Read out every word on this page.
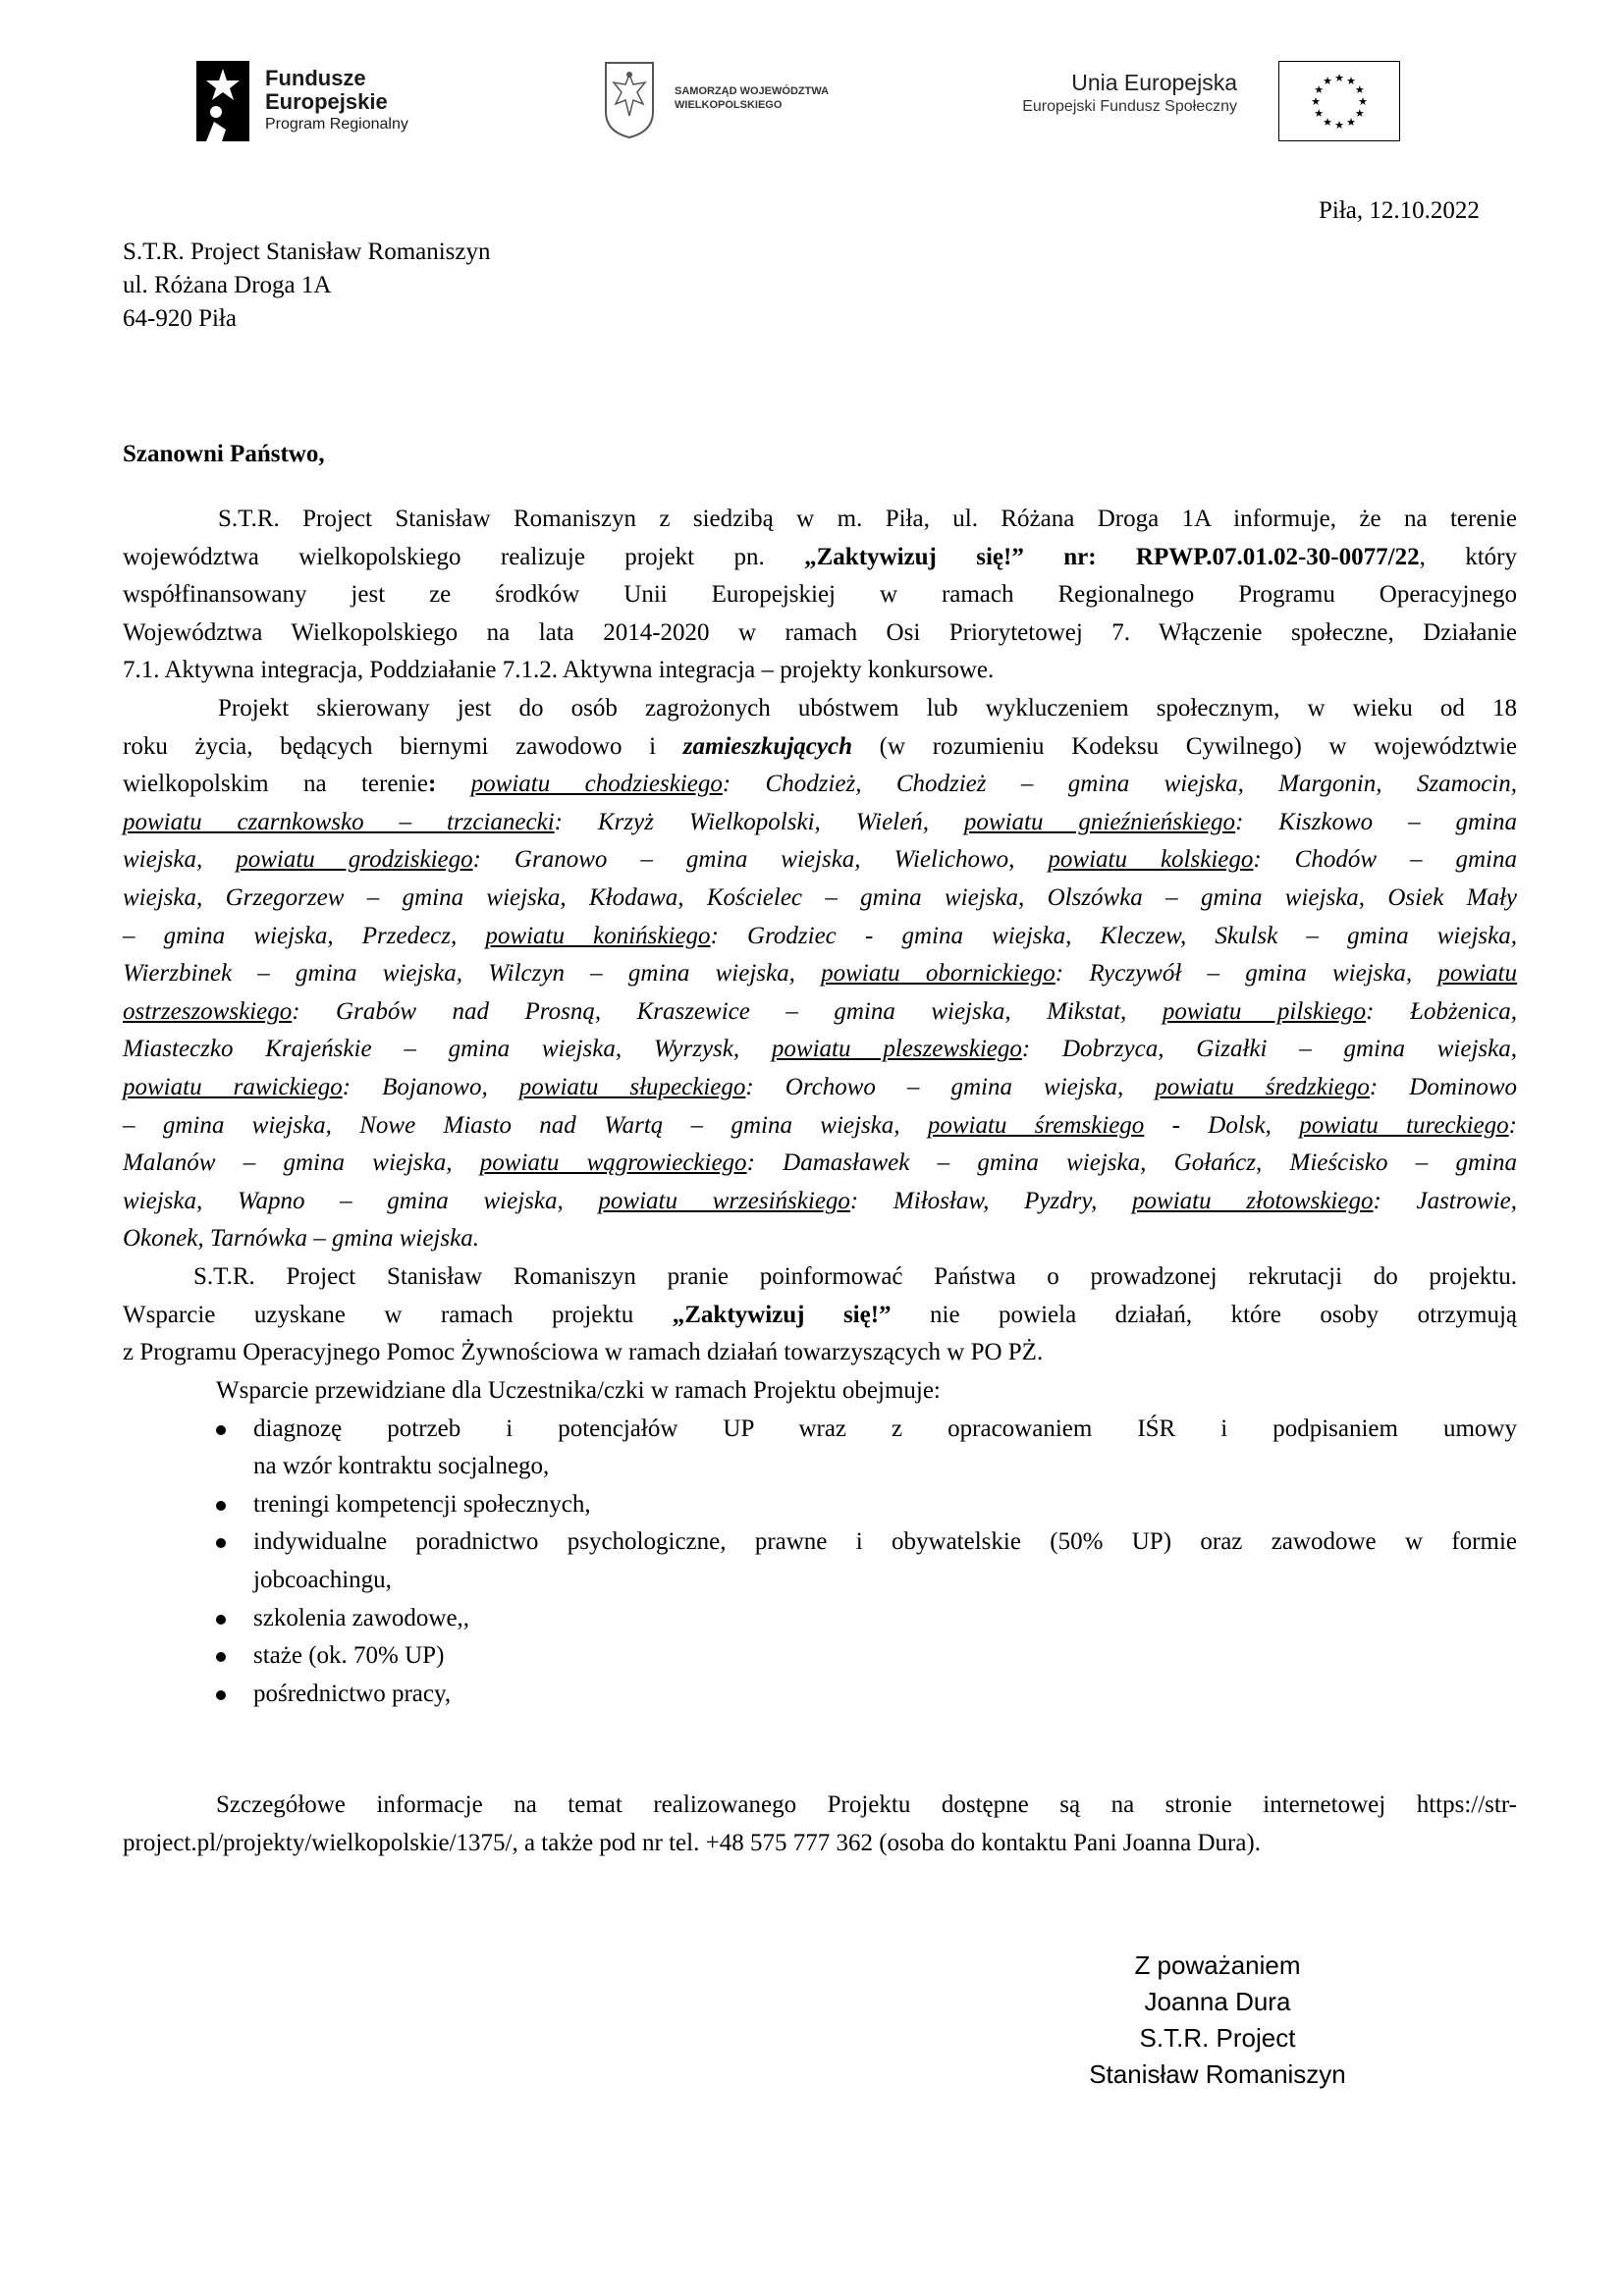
Fundusze
Europejskie
Program Regionalny
SAMORZĄD WOJEWÓDZTWA
WIELKOPOLSKIEGO
Unia Europejska
Europejski Fundusz Społeczny
★ ★
★
★
★
★
★
★
★
★
★
★
Piła, 12.10.2022
S.T.R. Project Stanisław Romaniszyn
ul. Różana Droga 1A
64-920 Piła
Szanowni Państwo,
S.T.R. Project Stanisław Romaniszyn z siedzibą w m. Piła, ul. Różana Droga 1A informuje, że na terenie
województwa wielkopolskiego realizuje projekt pn. „Zaktywizuj się!” nr: RPWP.07.01.02-30-0077/22, który
współfinansowany jest ze środków Unii Europejskiej w ramach Regionalnego Programu Operacyjnego
Województwa Wielkopolskiego na lata 2014-2020 w ramach Osi Priorytetowej 7. Włączenie społeczne, Działanie
7.1. Aktywna integracja, Poddziałanie 7.1.2. Aktywna integracja – projekty konkursowe.
Projekt skierowany jest do osób zagrożonych ubóstwem lub wykluczeniem społecznym, w wieku od 18
roku życia, będących biernymi zawodowo i zamieszkujących (w rozumieniu Kodeksu Cywilnego) w województwie
wielkopolskim na terenie: powiatu chodzieskiego: Chodzież, Chodzież – gmina wiejska, Margonin, Szamocin,
powiatu czarnkowsko – trzcianecki: Krzyż Wielkopolski, Wieleń, powiatu gnieźnieńskiego: Kiszkowo – gmina
wiejska, powiatu grodziskiego: Granowo – gmina wiejska, Wielichowo, powiatu kolskiego: Chodów – gmina
wiejska, Grzegorzew – gmina wiejska, Kłodawa, Kościelec – gmina wiejska, Olszówka – gmina wiejska, Osiek Mały
– gmina wiejska, Przedecz, powiatu konińskiego: Grodziec - gmina wiejska, Kleczew, Skulsk – gmina wiejska,
Wierzbinek – gmina wiejska, Wilczyn – gmina wiejska, powiatu obornickiego: Ryczywół – gmina wiejska, powiatu
ostrzeszowskiego: Grabów nad Prosną, Kraszewice – gmina wiejska, Mikstat, powiatu pilskiego: Łobżenica,
Miasteczko Krajeńskie – gmina wiejska, Wyrzysk, powiatu pleszewskiego: Dobrzyca, Gizałki – gmina wiejska,
powiatu rawickiego: Bojanowo, powiatu słupeckiego: Orchowo – gmina wiejska, powiatu średzkiego: Dominowo
– gmina wiejska, Nowe Miasto nad Wartą – gmina wiejska, powiatu śremskiego - Dolsk, powiatu tureckiego:
Malanów – gmina wiejska, powiatu wągrowieckiego: Damasławek – gmina wiejska, Gołańcz, Mieścisko – gmina
wiejska, Wapno – gmina wiejska, powiatu wrzesińskiego: Miłosław, Pyzdry, powiatu złotowskiego: Jastrowie,
Okonek, Tarnówka – gmina wiejska.
S.T.R. Project Stanisław Romaniszyn pranie poinformować Państwa o prowadzonej rekrutacji do projektu.
Wsparcie uzyskane w ramach projektu „Zaktywizuj się!” nie powiela działań, które osoby otrzymują
z Programu Operacyjnego Pomoc Żywnościowa w ramach działań towarzyszących w PO PŻ.
Wsparcie przewidziane dla Uczestnika/czki w ramach Projektu obejmuje:
diagnozę potrzeb i potencjałów UP wraz z opracowaniem IŚR i podpisaniem umowy
na wzór kontraktu socjalnego,
treningi kompetencji społecznych,
indywidualne poradnictwo psychologiczne, prawne i obywatelskie (50% UP) oraz zawodowe w formie
jobcoachingu,
szkolenia zawodowe,,
staże (ok. 70% UP)
pośrednictwo pracy,
Szczegółowe informacje na temat realizowanego Projektu dostępne są na stronie internetowej https://str-
project.pl/projekty/wielkopolskie/1375/, a także pod nr tel. +48 575 777 362 (osoba do kontaktu Pani Joanna Dura).
Z poważaniem
Joanna Dura
S.T.R. Project
Stanisław Romaniszyn
